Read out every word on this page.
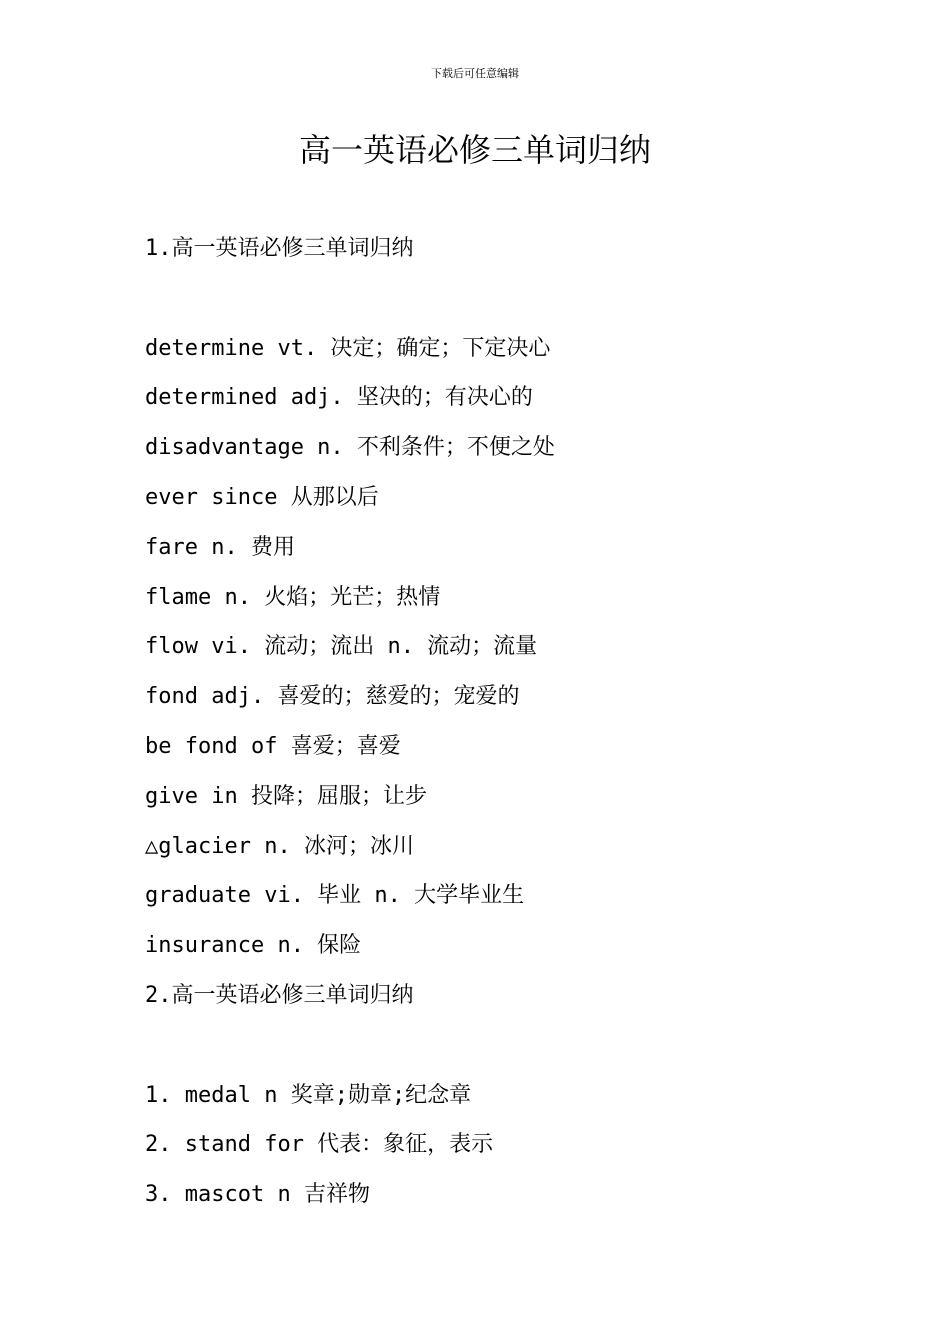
下载后可任意编辑
高一英语必修三单词归纳
1.高一英语必修三单词归纳
determine vt. 决定；确定；下定决心
determined adj. 坚决的；有决心的
disadvantage n. 不利条件；不便之处
ever since 从那以后
fare n. 费用
flame n. 火焰；光芒；热情
flow vi. 流动；流出 n. 流动；流量
fond adj. 喜爱的；慈爱的；宠爱的
be fond of 喜爱；喜爱
give in 投降；屈服；让步
△glacier n. 冰河；冰川
graduate vi. 毕业 n. 大学毕业生
insurance n. 保险
2.高一英语必修三单词归纳
1. medal n 奖章;勋章;纪念章
2. stand for 代表：象征，表示
3. mascot n 吉祥物
